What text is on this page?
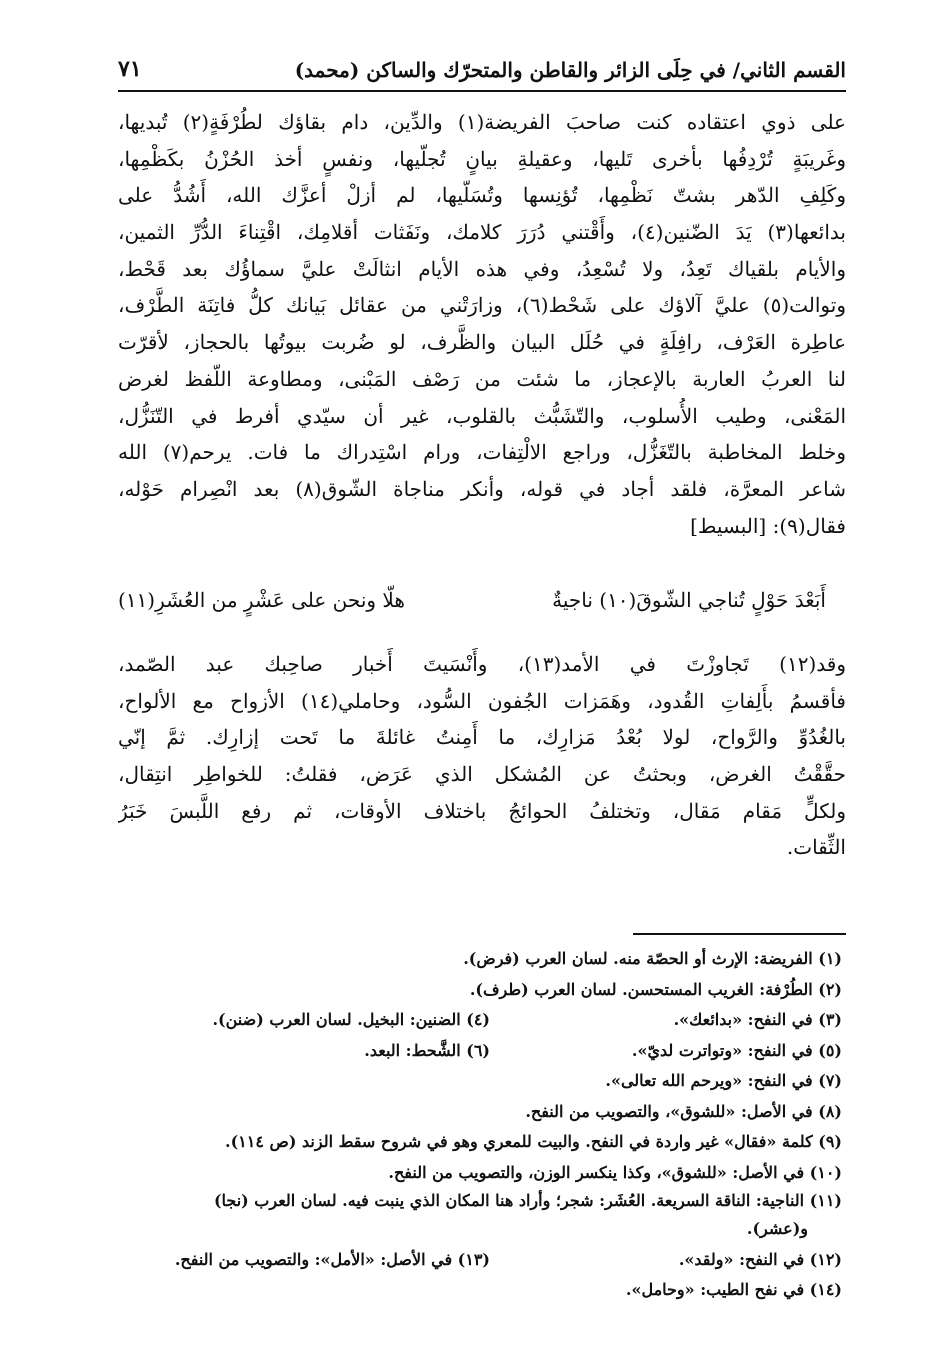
القسم الثاني/ في حِلَى الزائر والقاطن والمتحرّك والساكن (محمد)
٧١
على ذوي اعتقاده كنت صاحبَ الفريضة(١) والدِّين، دام بقاؤك لطُرْفَةٍ(٢) تُبديها،
وغَريبَةٍ تُرْدِفُها بأخرى تَليها، وعقيلةِ بيانٍ تُجلّيها، ونفسٍ أخذ الحُزْنُ بكَظْمِها،
وكَلِفِ الدّهر بشتّ نَظْمِها، تُؤنِسها وتُسَلّيها، لم أزلْ أعزَّك الله، أَشُدُّ على
بدائعها(٣) يَدَ الضّنين(٤)، وأَقْتني دُرَرَ كلامك، ونَفَثات أقلامِك، اقْتِناءَ الدُّرِّ الثمين،
والأيام بلقياك تَعِدُ، ولا تُسْعِدُ، وفي هذه الأيام انثالَتْ عليَّ سماؤُك بعد قَحْط،
وتوالت(٥) عليَّ آلاؤك على شَحْط(٦)، وزارَتْني من عقائل بَيانك كلُّ فاتِنَة الطَّرْف،
عاطِرة العَرْف، رافِلَةٍ في حُلَل البيان والظَّرف، لو ضُربت بيوتُها بالحجاز، لأقرّت
لنا العربُ العاربة بالإعجاز، ما شئت من رَصْف المَبْنى، ومطاوعة اللّفظ لغرض
المَعْنى، وطيب الأُسلوب، والتّشَبُّث بالقلوب، غير أن سيّدي أفرط في التّنَزُّل،
وخلط المخاطبة بالتّغَزُّل، وراجع الالْتِفات، ورام اسْتِدراك ما فات. يرحم(٧) الله
شاعر المعرَّة، فلقد أجاد في قوله، وأنكر مناجاة الشّوق(٨) بعد انْصِرام حَوْله،
فقال(٩): [البسيط]
أَبَعْدَ حَوْلٍ تُناجي الشّوقَ(١٠) ناجيةٌ
هلّا ونحن على عَشْرٍ من العُشَرِ(١١)
وقد(١٢) تَجاوزْتَ في الأمد(١٣)، وأَنْسَيتَ أَخبار صاحِبك عبد الصّمد،
فأقسمُ بأَلِفاتِ القُدود، وهَمَزات الجُفون السُّود، وحاملي(١٤) الأزواح مع الألواح،
بالغُدُوِّ والرَّواح، لولا بُعْدُ مَزارِك، ما أَمِنتُ غائلةَ ما تَحت إزارِك. ثمَّ إنّي
حقَّقْتُ الغرض، وبحثتُ عن المُشكل الذي عَرَض، فقلتُ: للخواطِر انتِقال،
ولكلٍّ مَقام مَقال، وتختلفُ الحوائجُ باختلاف الأوقات، ثم رفع اللَّبسَ خَبَرُ
الثِّقات.
(١) الفريضة: الإرث أو الحصّة منه. لسان العرب (فرض).
(٢) الطُرْفة: الغريب المستحسن. لسان العرب (طرف).
(٣) في النفح: «بدائعك».
(٤) الضنين: البخيل. لسان العرب (ضنن).
(٥) في النفح: «وتواترت لديّ».
(٦) الشَّحط: البعد.
(٧) في النفح: «ويرحم الله تعالى».
(٨) في الأصل: «للشوق»، والتصويب من النفح.
(٩) كلمة «فقال» غير واردة في النفح. والبيت للمعري وهو في شروح سقط الزند (ص ١١٤).
(١٠) في الأصل: «للشوق»، وكذا ينكسر الوزن، والتصويب من النفح.
(١١) الناجية: الناقة السريعة. العُشَر: شجر؛ وأراد هنا المكان الذي ينبت فيه. لسان العرب (نجا)
و(عشر).
(١٢) في النفح: «ولقد».
(١٣) في الأصل: «الأمل»: والتصويب من النفح.
(١٤) في نفح الطيب: «وحامل».
